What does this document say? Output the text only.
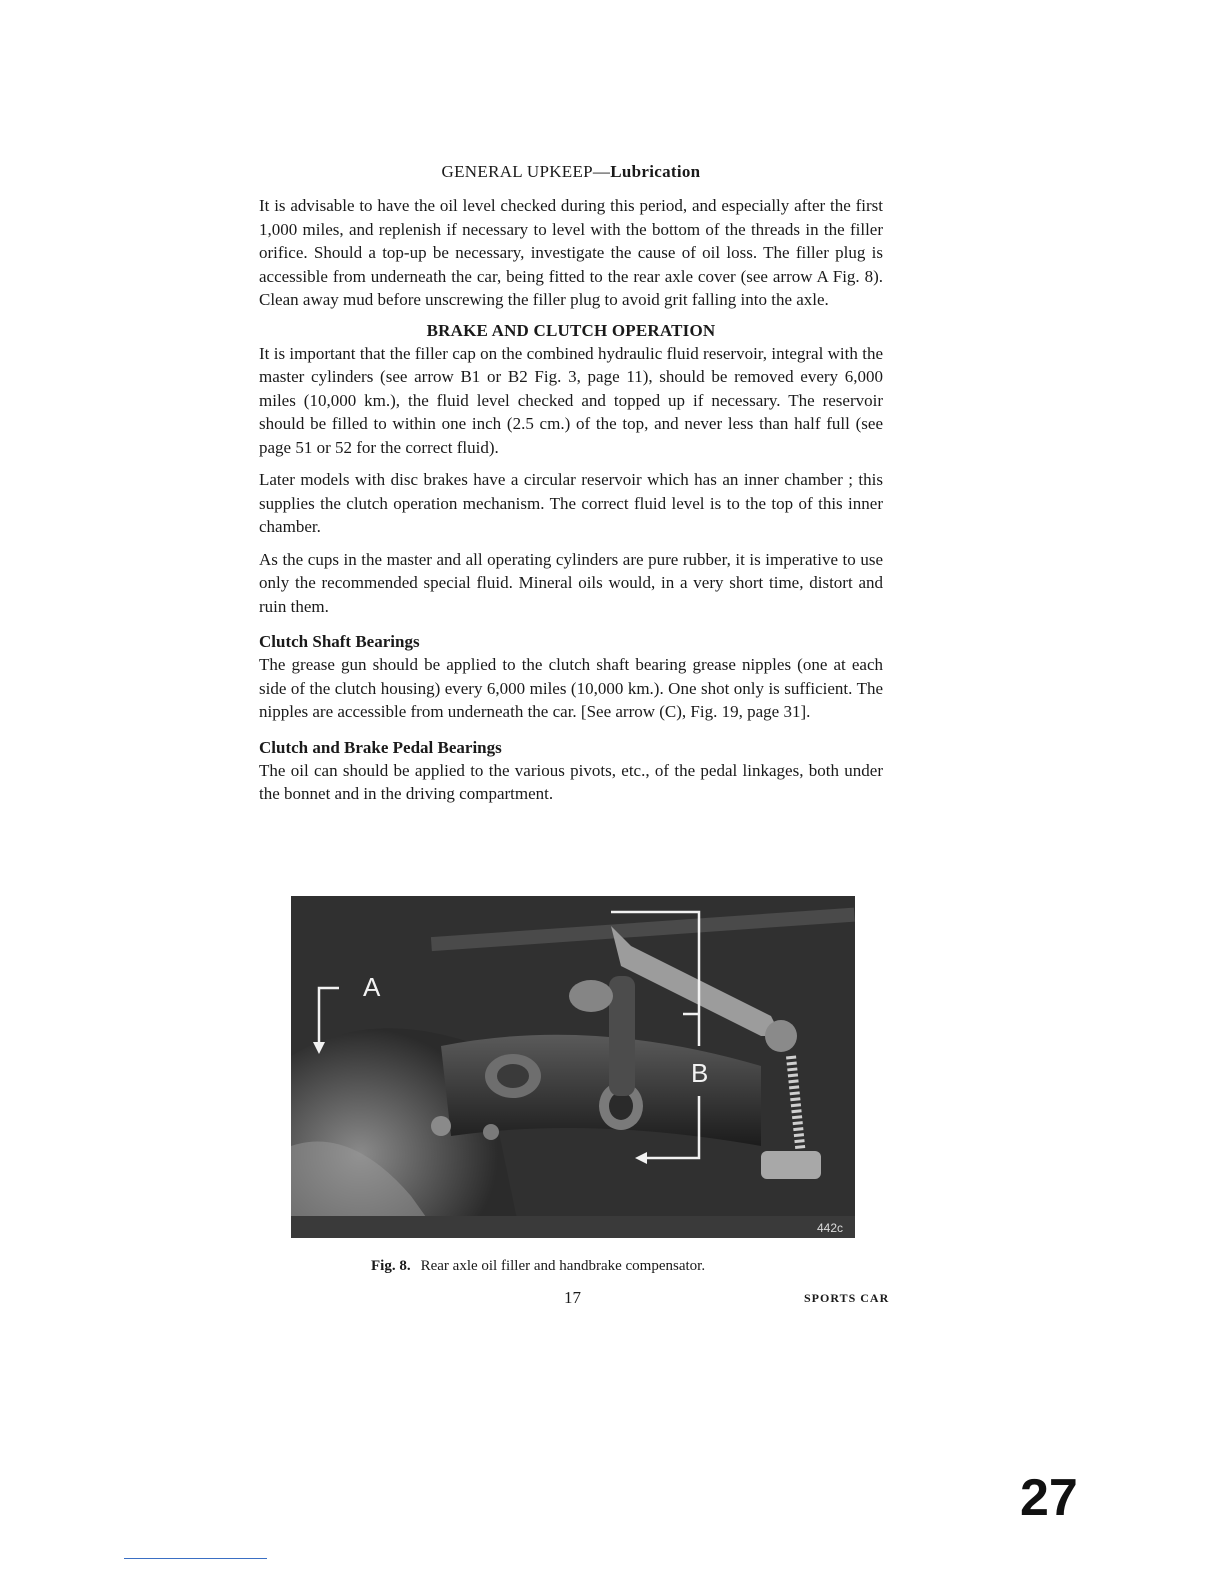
GENERAL UPKEEP—Lubrication

It is advisable to have the oil level checked during this period, and especially after the first 1,000 miles, and replenish if necessary to level with the bottom of the threads in the filler orifice. Should a top-up be necessary, investigate the cause of oil loss. The filler plug is accessible from underneath the car, being fitted to the rear axle cover (see arrow A Fig. 8). Clean away mud before unscrewing the filler plug to avoid grit falling into the axle.

BRAKE AND CLUTCH OPERATION

It is important that the filler cap on the combined hydraulic fluid reservoir, integral with the master cylinders (see arrow B1 or B2 Fig. 3, page 11), should be removed every 6,000 miles (10,000 km.), the fluid level checked and topped up if necessary. The reservoir should be filled to within one inch (2.5 cm.) of the top, and never less than half full (see page 51 or 52 for the correct fluid).

Later models with disc brakes have a circular reservoir which has an inner chamber ; this supplies the clutch operation mechanism. The correct fluid level is to the top of this inner chamber.

As the cups in the master and all operating cylinders are pure rubber, it is imperative to use only the recommended special fluid. Mineral oils would, in a very short time, distort and ruin them.

Clutch Shaft Bearings

The grease gun should be applied to the clutch shaft bearing grease nipples (one at each side of the clutch housing) every 6,000 miles (10,000 km.). One shot only is sufficient. The nipples are accessible from underneath the car. [See arrow (C), Fig. 19, page 31].

Clutch and Brake Pedal Bearings

The oil can should be applied to the various pivots, etc., of the pedal linkages, both under the bonnet and in the driving compartment.

A
B
442c
Fig. 8. Rear axle oil filler and handbrake compensator.
17	SPORTS CAR
27
